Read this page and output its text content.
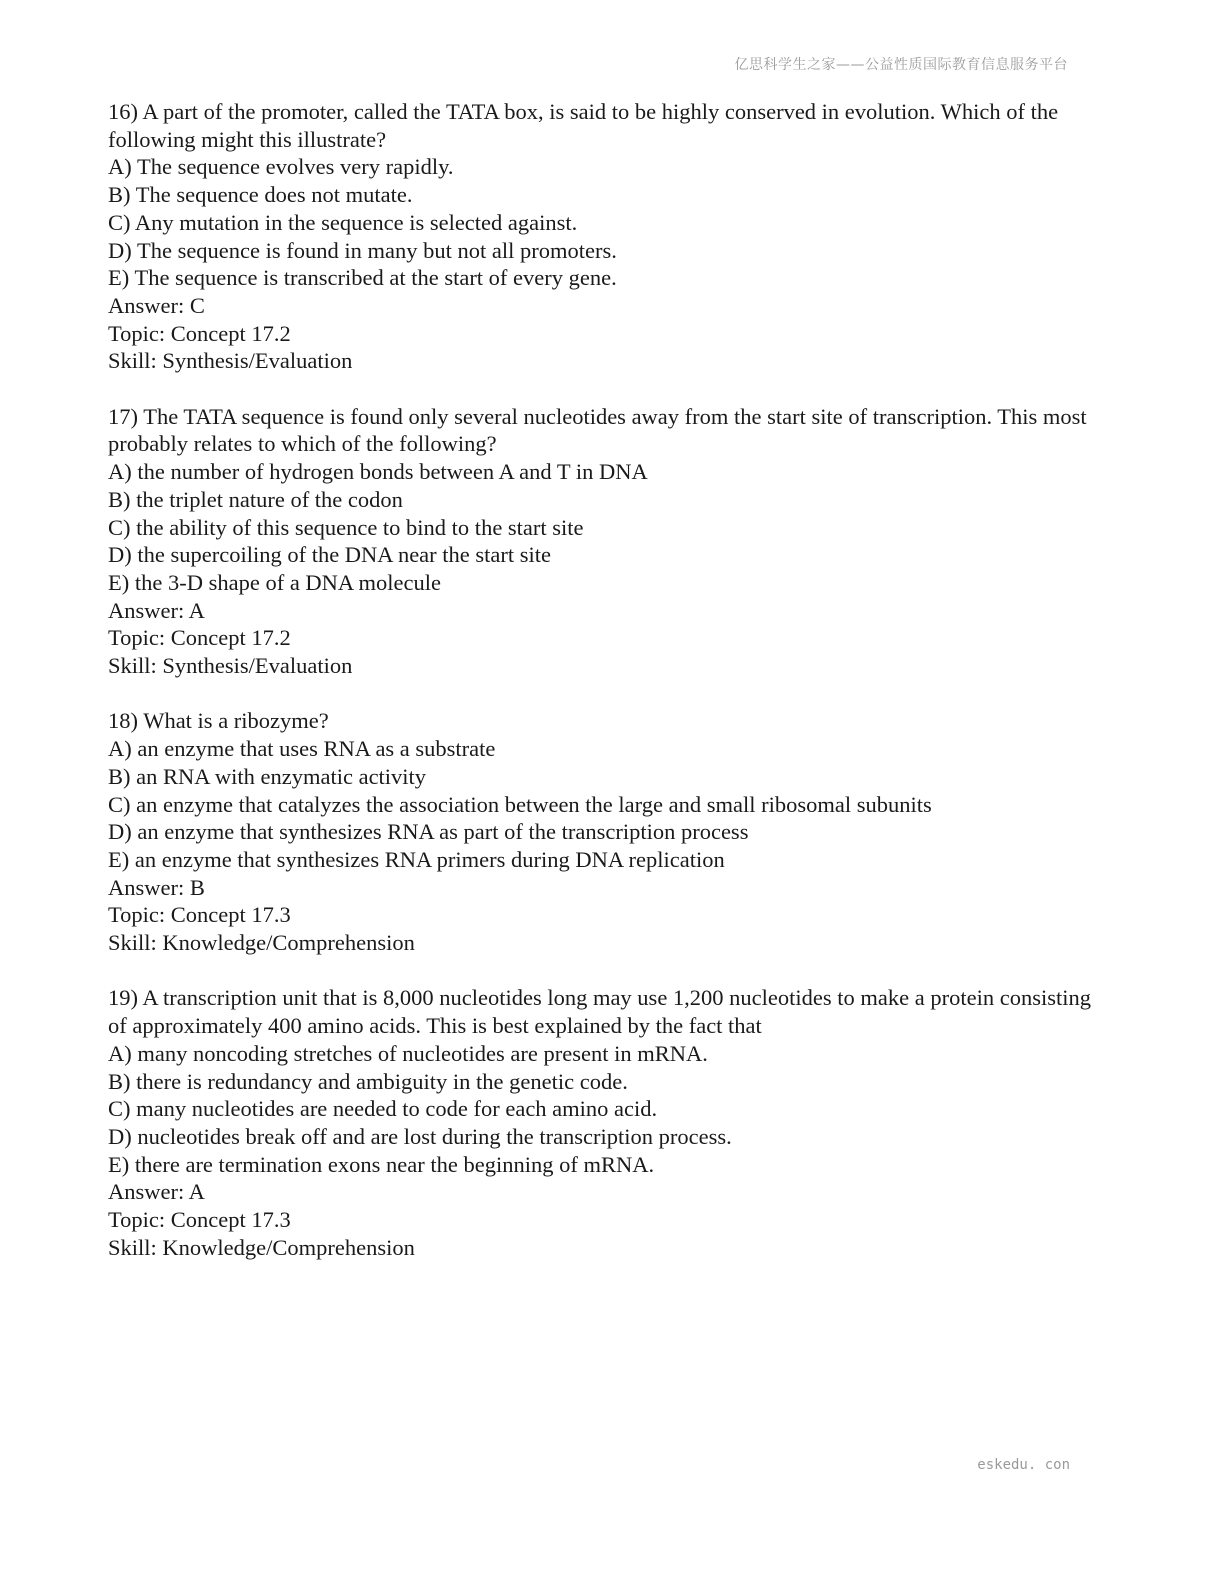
亿思科学生之家——公益性质国际教育信息服务平台
16) A part of the promoter, called the TATA box, is said to be highly conserved in evolution. Which of the following might this illustrate?
A) The sequence evolves very rapidly.
B) The sequence does not mutate.
C) Any mutation in the sequence is selected against.
D) The sequence is found in many but not all promoters.
E) The sequence is transcribed at the start of every gene.
Answer: C
Topic: Concept 17.2
Skill: Synthesis/Evaluation
17) The TATA sequence is found only several nucleotides away from the start site of transcription. This most probably relates to which of the following?
A) the number of hydrogen bonds between A and T in DNA
B) the triplet nature of the codon
C) the ability of this sequence to bind to the start site
D) the supercoiling of the DNA near the start site
E) the 3-D shape of a DNA molecule
Answer: A
Topic: Concept 17.2
Skill: Synthesis/Evaluation
18) What is a ribozyme?
A) an enzyme that uses RNA as a substrate
B) an RNA with enzymatic activity
C) an enzyme that catalyzes the association between the large and small ribosomal subunits
D) an enzyme that synthesizes RNA as part of the transcription process
E) an enzyme that synthesizes RNA primers during DNA replication
Answer: B
Topic: Concept 17.3
Skill: Knowledge/Comprehension
19) A transcription unit that is 8,000 nucleotides long may use 1,200 nucleotides to make a protein consisting of approximately 400 amino acids. This is best explained by the fact that
A) many noncoding stretches of nucleotides are present in mRNA.
B) there is redundancy and ambiguity in the genetic code.
C) many nucleotides are needed to code for each amino acid.
D) nucleotides break off and are lost during the transcription process.
E) there are termination exons near the beginning of mRNA.
Answer: A
Topic: Concept 17.3
Skill: Knowledge/Comprehension
eskedu. con
